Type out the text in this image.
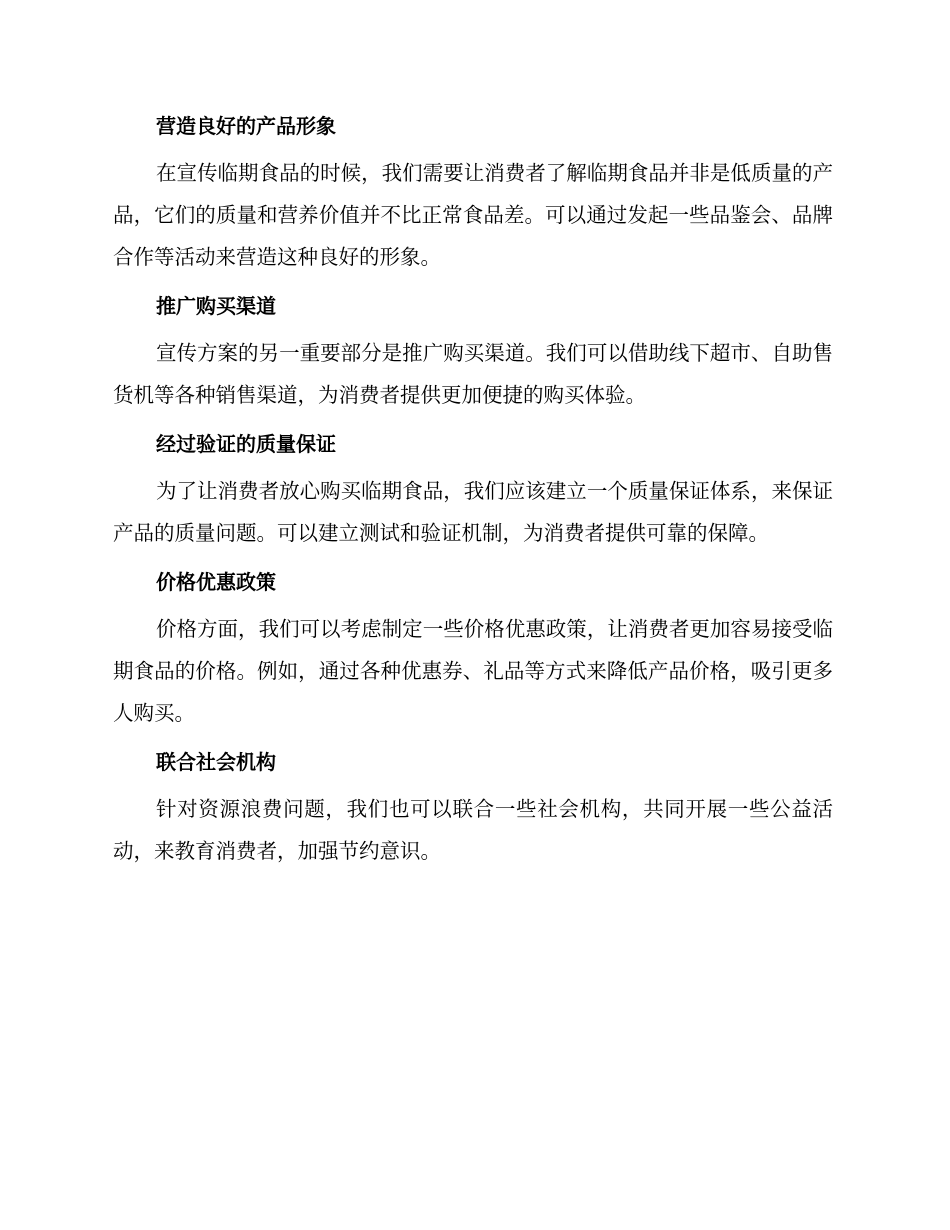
营造良好的产品形象

在宣传临期食品的时候，我们需要让消费者了解临期食品并非是低质量的产品，它们的质量和营养价值并不比正常食品差。可以通过发起一些品鉴会、品牌合作等活动来营造这种良好的形象。

推广购买渠道

宣传方案的另一重要部分是推广购买渠道。我们可以借助线下超市、自助售货机等各种销售渠道，为消费者提供更加便捷的购买体验。

经过验证的质量保证

为了让消费者放心购买临期食品，我们应该建立一个质量保证体系，来保证产品的质量问题。可以建立测试和验证机制，为消费者提供可靠的保障。

价格优惠政策

价格方面，我们可以考虑制定一些价格优惠政策，让消费者更加容易接受临期食品的价格。例如，通过各种优惠券、礼品等方式来降低产品价格，吸引更多人购买。

联合社会机构

针对资源浪费问题，我们也可以联合一些社会机构，共同开展一些公益活动，来教育消费者，加强节约意识。
